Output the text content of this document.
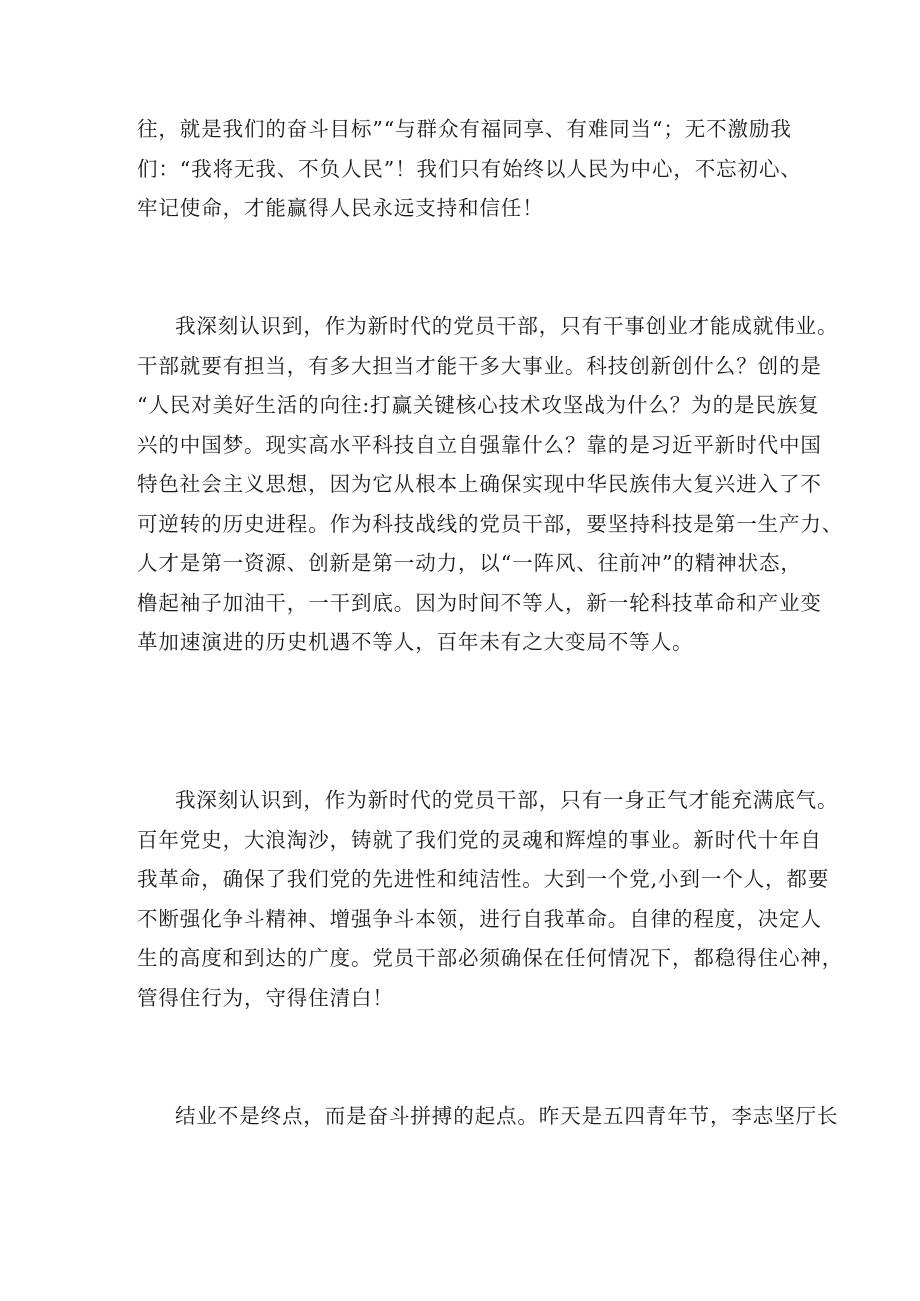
往，就是我们的奋斗目标”“与群众有福同享、有难同当“；无不激励我
们：“我将无我、不负人民”！我们只有始终以人民为中心，不忘初心、
牢记使命，才能赢得人民永远支持和信任！

我深刻认识到，作为新时代的党员干部，只有干事创业才能成就伟业。
干部就要有担当，有多大担当才能干多大事业。科技创新创什么？创的是
“人民对美好生活的向往:打赢关键核心技术攻坚战为什么？为的是民族复
兴的中国梦。现实高水平科技自立自强靠什么？靠的是习近平新时代中国
特色社会主义思想，因为它从根本上确保实现中华民族伟大复兴进入了不
可逆转的历史进程。作为科技战线的党员干部，要坚持科技是第一生产力、
人才是第一资源、创新是第一动力，以“一阵风、往前冲”的精神状态，
橹起袖子加油干，一干到底。因为时间不等人，新一轮科技革命和产业变
革加速演进的历史机遇不等人，百年未有之大变局不等人。

我深刻认识到，作为新时代的党员干部，只有一身正气才能充满底气。
百年党史，大浪淘沙，铸就了我们党的灵魂和辉煌的事业。新时代十年自
我革命，确保了我们党的先进性和纯洁性。大到一个党,小到一个人，都要
不断强化争斗精神、增强争斗本领，进行自我革命。自律的程度，决定人
生的高度和到达的广度。党员干部必须确保在任何情况下，都稳得住心神，
管得住行为，守得住清白！

结业不是终点，而是奋斗拼搏的起点。昨天是五四青年节，李志坚厅长
